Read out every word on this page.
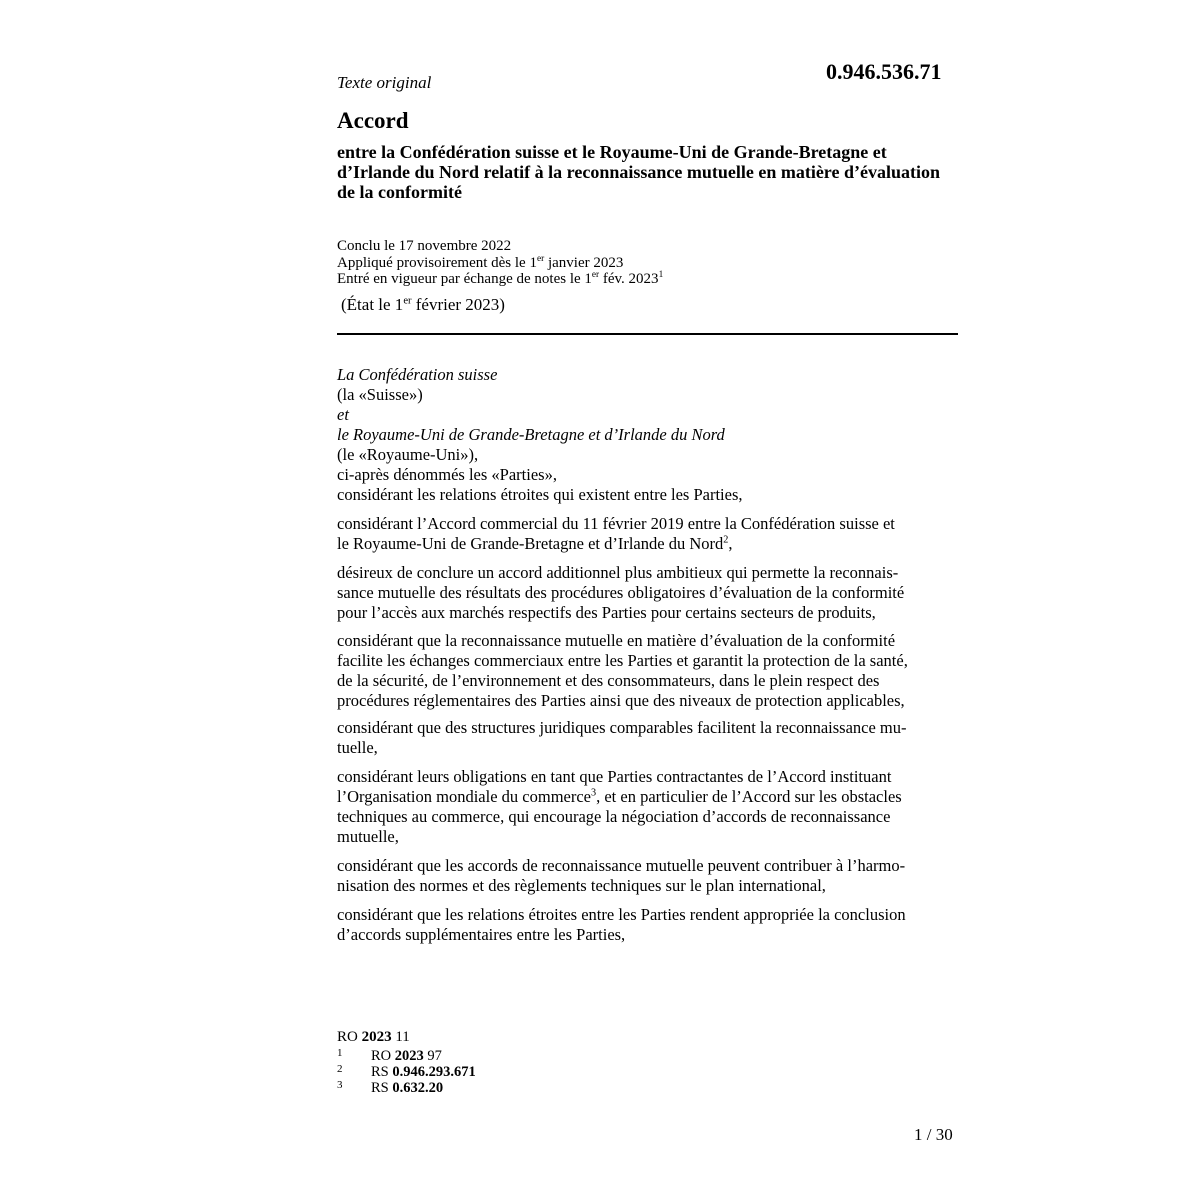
Texte original	0.946.536.71
Accord
entre la Confédération suisse et le Royaume-Uni de Grande-Bretagne et d’Irlande du Nord relatif à la reconnaissance mutuelle en matière d’évaluation de la conformité
Conclu le 17 novembre 2022
Appliqué provisoirement dès le 1er janvier 2023
Entré en vigueur par échange de notes le 1er fév. 2023$^1$
(État le 1er février 2023)
La Confédération suisse
(la «Suisse»)
et
le Royaume-Uni de Grande-Bretagne et d’Irlande du Nord
(le «Royaume-Uni»),
ci-après dénommés les «Parties»,
considérant les relations étroites qui existent entre les Parties,
considérant l’Accord commercial du 11 février 2019 entre la Confédération suisse et
le Royaume-Uni de Grande-Bretagne et d’Irlande du Nord$^2$,
désireux de conclure un accord additionnel plus ambitieux qui permette la reconnais-
sance mutuelle des résultats des procédures obligatoires d’évaluation de la conformité
pour l’accès aux marchés respectifs des Parties pour certains secteurs de produits,
considérant que la reconnaissance mutuelle en matière d’évaluation de la conformité
facilite les échanges commerciaux entre les Parties et garantit la protection de la santé,
de la sécurité, de l’environnement et des consommateurs, dans le plein respect des
procédures réglementaires des Parties ainsi que des niveaux de protection applicables,
considérant que des structures juridiques comparables facilitent la reconnaissance mu-
tuelle,
considérant leurs obligations en tant que Parties contractantes de l’Accord instituant
l’Organisation mondiale du commerce$^3$, et en particulier de l’Accord sur les obstacles
techniques au commerce, qui encourage la négociation d’accords de reconnaissance
mutuelle,
considérant que les accords de reconnaissance mutuelle peuvent contribuer à l’harmo-
nisation des normes et des règlements techniques sur le plan international,
considérant que les relations étroites entre les Parties rendent appropriée la conclusion
d’accords supplémentaires entre les Parties,
RO 2023 11
1 RO 2023 97
2 RS 0.946.293.671
3 RS 0.632.20
1 / 30
